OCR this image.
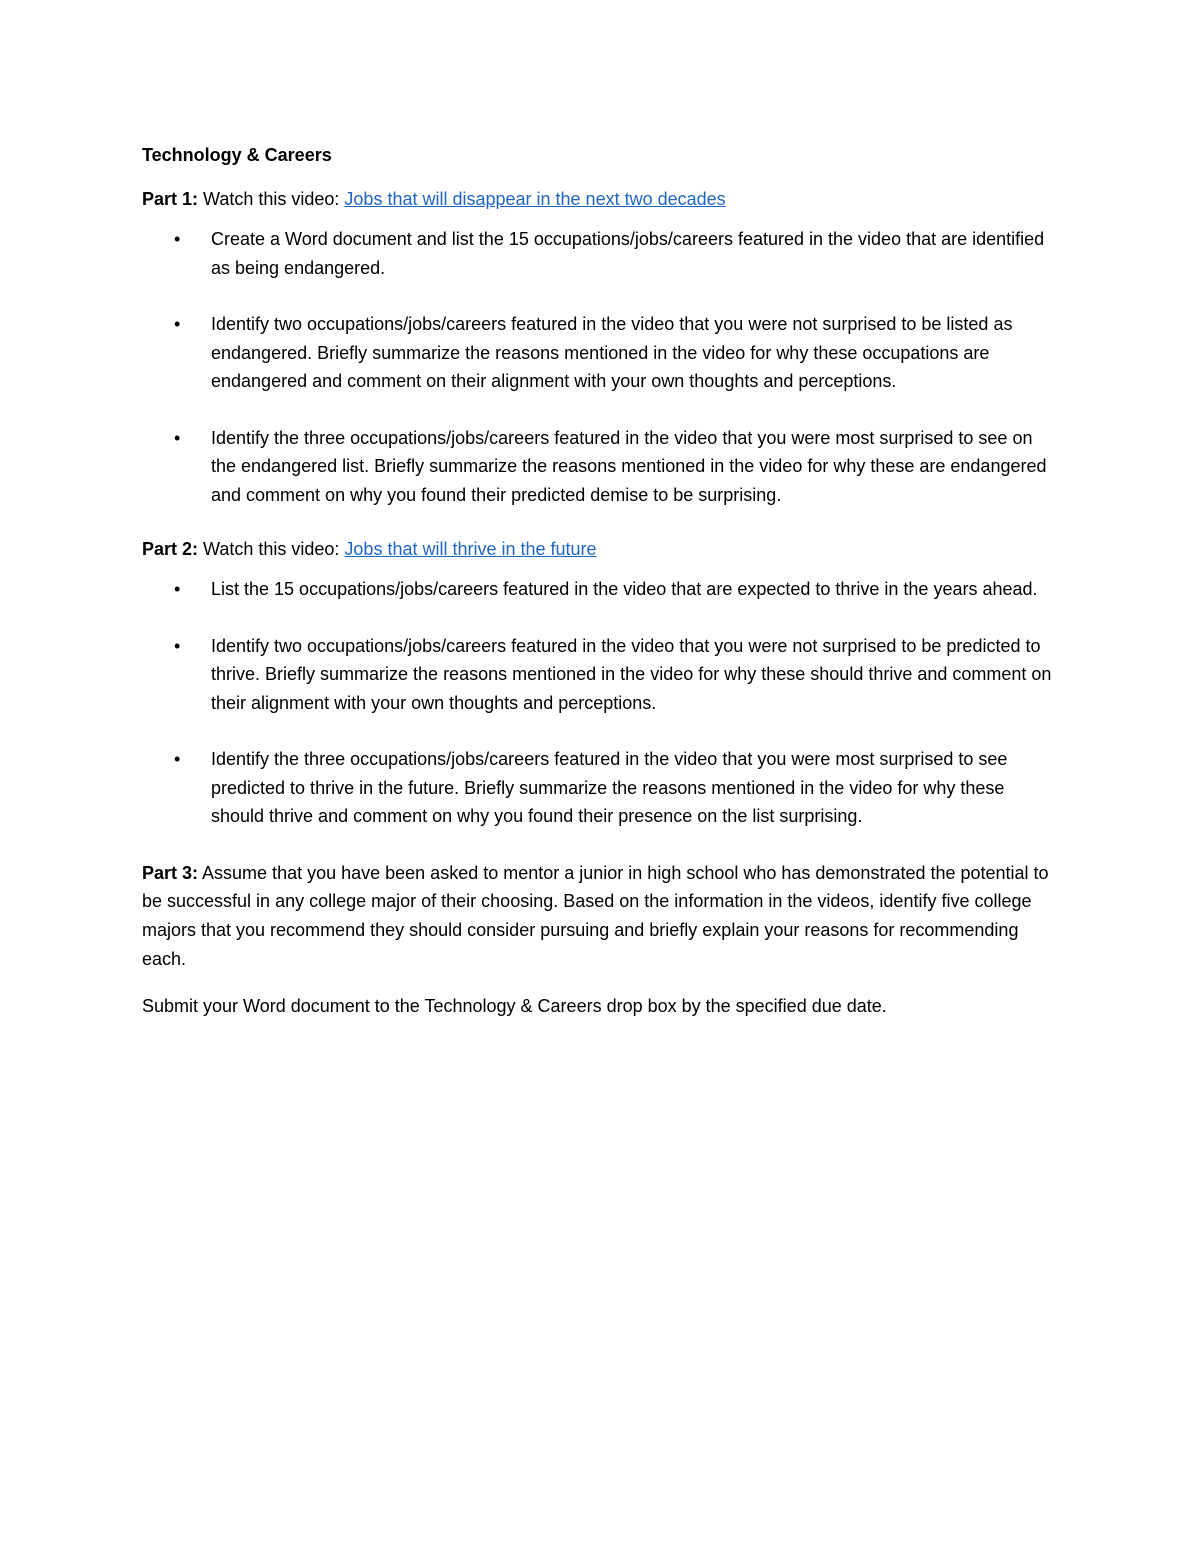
Technology & Careers

Part 1: Watch this video: Jobs that will disappear in the next two decades

• Create a Word document and list the 15 occupations/jobs/careers featured in the video that are identified as being endangered.
• Identify two occupations/jobs/careers featured in the video that you were not surprised to be listed as endangered. Briefly summarize the reasons mentioned in the video for why these occupations are endangered and comment on their alignment with your own thoughts and perceptions.
• Identify the three occupations/jobs/careers featured in the video that you were most surprised to see on the endangered list. Briefly summarize the reasons mentioned in the video for why these are endangered and comment on why you found their predicted demise to be surprising.

Part 2: Watch this video: Jobs that will thrive in the future

• List the 15 occupations/jobs/careers featured in the video that are expected to thrive in the years ahead.
• Identify two occupations/jobs/careers featured in the video that you were not surprised to be predicted to thrive. Briefly summarize the reasons mentioned in the video for why these should thrive and comment on their alignment with your own thoughts and perceptions.
• Identify the three occupations/jobs/careers featured in the video that you were most surprised to see predicted to thrive in the future. Briefly summarize the reasons mentioned in the video for why these should thrive and comment on why you found their presence on the list surprising.

Part 3: Assume that you have been asked to mentor a junior in high school who has demonstrated the potential to be successful in any college major of their choosing. Based on the information in the videos, identify five college majors that you recommend they should consider pursuing and briefly explain your reasons for recommending each.

Submit your Word document to the Technology & Careers drop box by the specified due date.
